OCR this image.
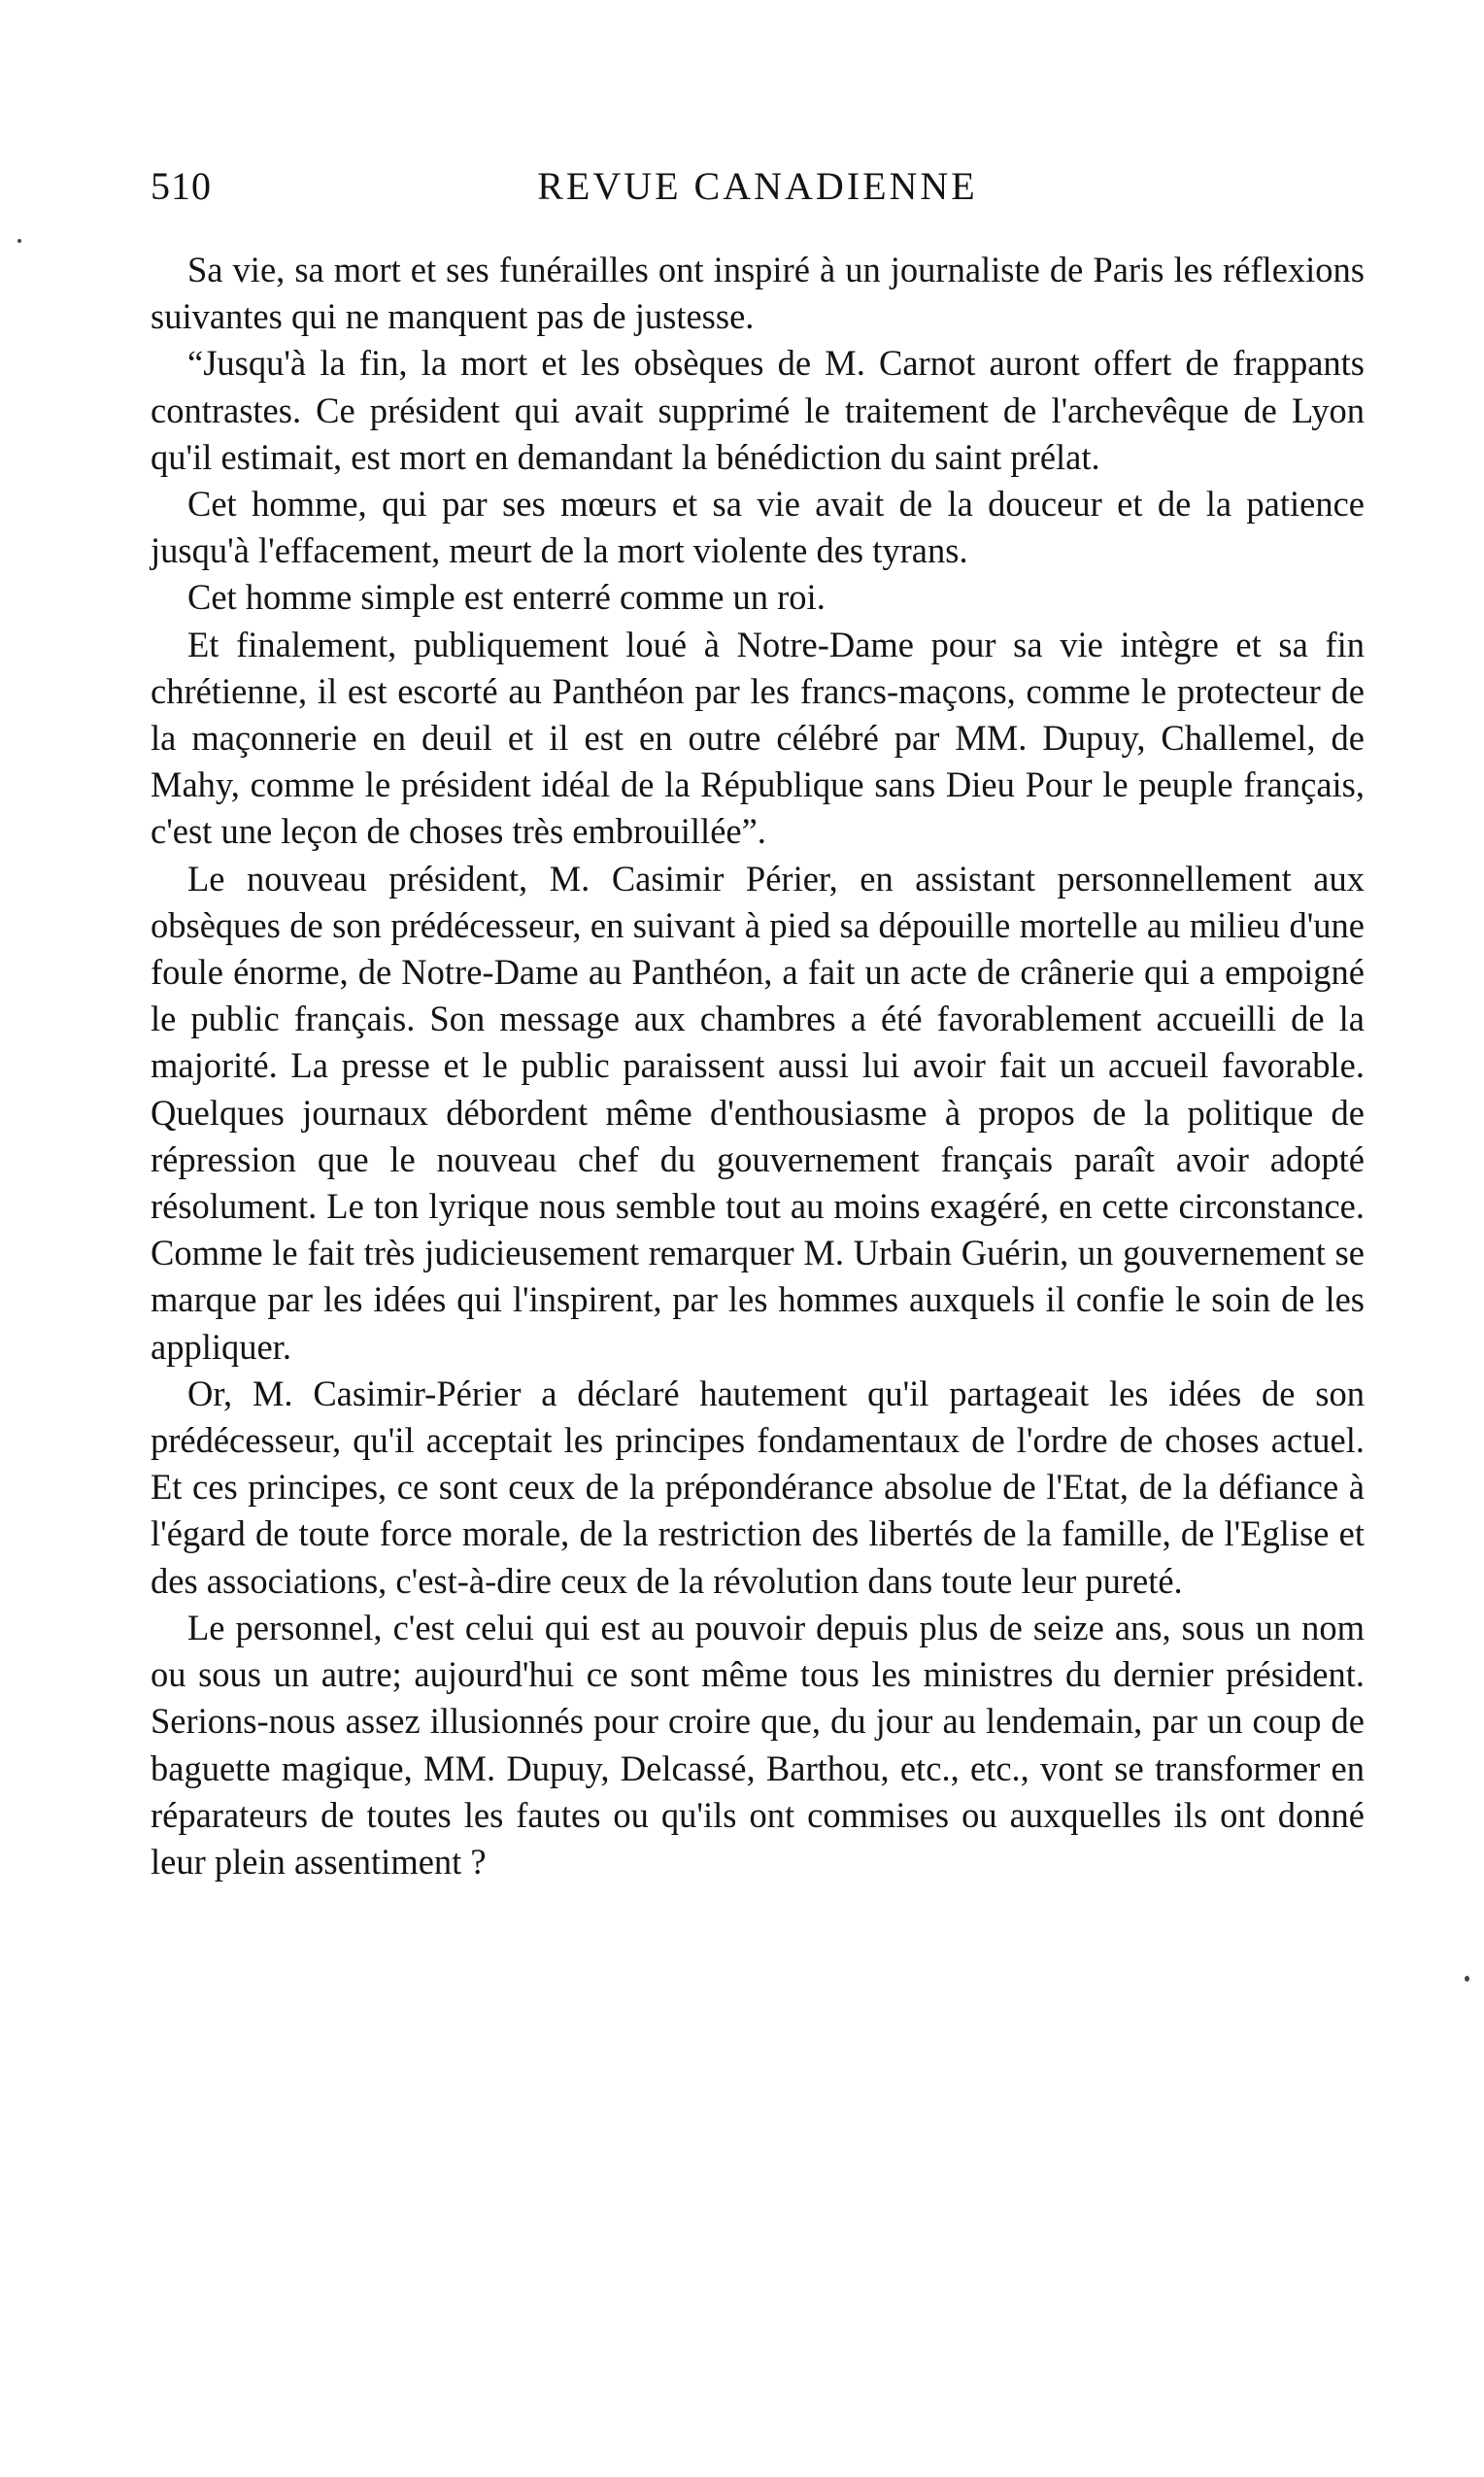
510	REVUE CANADIENNE

Sa vie, sa mort et ses funérailles ont inspiré à un journaliste de Paris les réflexions suivantes qui ne manquent pas de justesse.

“Jusqu'à la fin, la mort et les obsèques de M. Carnot auront offert de frappants contrastes. Ce président qui avait supprimé le traitement de l'archevêque de Lyon qu'il estimait, est mort en demandant la bénédiction du saint prélat.

Cet homme, qui par ses mœurs et sa vie avait de la douceur et de la patience jusqu'à l'effacement, meurt de la mort violente des tyrans.

Cet homme simple est enterré comme un roi.

Et finalement, publiquement loué à Notre-Dame pour sa vie intègre et sa fin chrétienne, il est escorté au Panthéon par les francs-maçons, comme le protecteur de la maçonnerie en deuil et il est en outre célébré par MM. Dupuy, Challemel, de Mahy, comme le président idéal de la République sans Dieu Pour le peuple français, c'est une leçon de choses très embrouillée”.

Le nouveau président, M. Casimir Périer, en assistant personnellement aux obsèques de son prédécesseur, en suivant à pied sa dépouille mortelle au milieu d'une foule énorme, de Notre-Dame au Panthéon, a fait un acte de crânerie qui a empoigné le public français. Son message aux chambres a été favorablement accueilli de la majorité. La presse et le public paraissent aussi lui avoir fait un accueil favorable. Quelques journaux débordent même d'enthousiasme à propos de la politique de répression que le nouveau chef du gouvernement français paraît avoir adopté résolument. Le ton lyrique nous semble tout au moins exagéré, en cette circonstance. Comme le fait très judicieusement remarquer M. Urbain Guérin, un gouvernement se marque par les idées qui l'inspirent, par les hommes auxquels il confie le soin de les appliquer.

Or, M. Casimir-Périer a déclaré hautement qu'il partageait les idées de son prédécesseur, qu'il acceptait les principes fondamentaux de l'ordre de choses actuel. Et ces principes, ce sont ceux de la prépondérance absolue de l'Etat, de la défiance à l'égard de toute force morale, de la restriction des libertés de la famille, de l'Eglise et des associations, c'est-à-dire ceux de la révolution dans toute leur pureté.

Le personnel, c'est celui qui est au pouvoir depuis plus de seize ans, sous un nom ou sous un autre; aujourd'hui ce sont même tous les ministres du dernier président. Serions-nous assez illusionnés pour croire que, du jour au lendemain, par un coup de baguette magique, MM. Dupuy, Delcassé, Barthou, etc., etc., vont se transformer en réparateurs de toutes les fautes ou qu'ils ont commises ou auxquelles ils ont donné leur plein assentiment ?
